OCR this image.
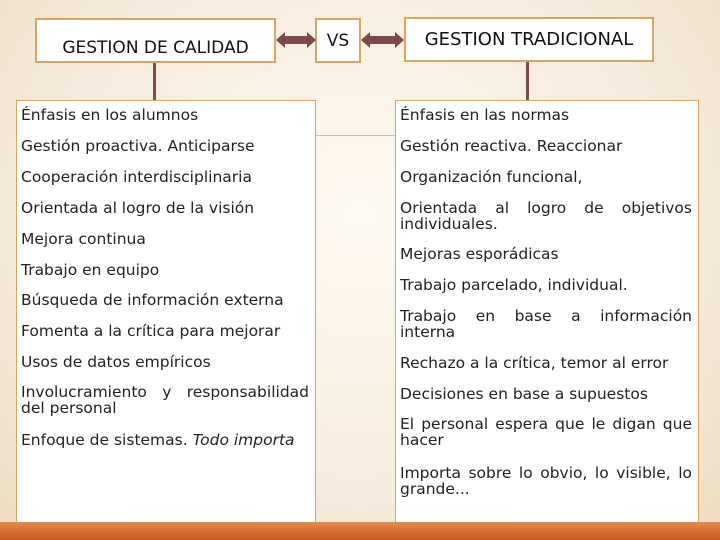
GESTION DE CALIDAD	VS	GESTION TRADICIONAL
Énfasis en los alumnos
Gestión proactiva. Anticiparse
Cooperación interdisciplinaria
Orientada al logro de la visión
Mejora continua
Trabajo en equipo
Búsqueda de información externa
Fomenta a la crítica para mejorar
Usos de datos empíricos
Involucramiento y responsabilidad
del personal
Enfoque de sistemas. Todo importa
Énfasis en las normas
Gestión reactiva. Reaccionar
Organización funcional,
Orientada al logro de objetivos
individuales.
Mejoras esporádicas
Trabajo parcelado, individual.
Trabajo en base a información
interna
Rechazo a la crítica, temor al error
Decisiones en base a supuestos
El personal espera que le digan que
hacer
Importa sobre lo obvio, lo visible, lo
grande...
